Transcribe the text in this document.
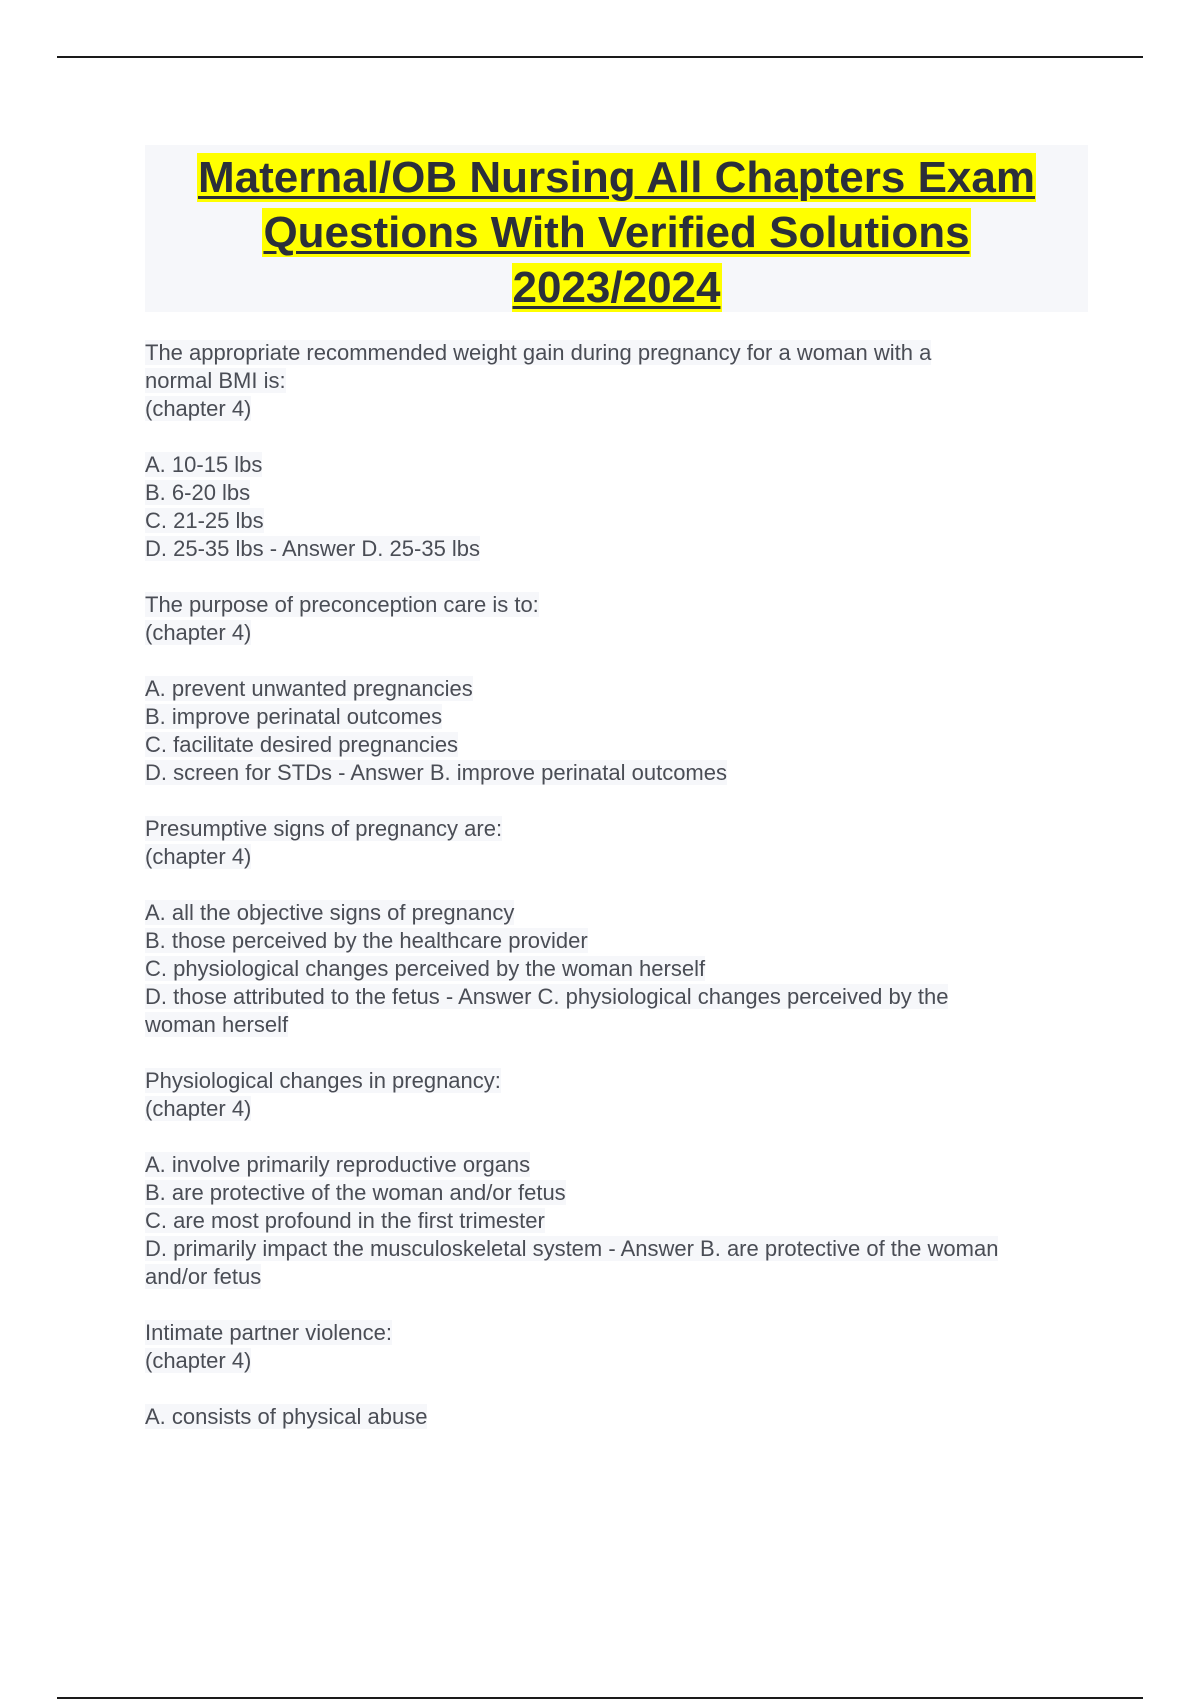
Maternal/OB Nursing All Chapters Exam
Questions With Verified Solutions
2023/2024
The appropriate recommended weight gain during pregnancy for a woman with a
normal BMI is:
(chapter 4)
A. 10-15 lbs
B. 6-20 lbs
C. 21-25 lbs
D. 25-35 lbs - Answer D. 25-35 lbs
The purpose of preconception care is to:
(chapter 4)
A. prevent unwanted pregnancies
B. improve perinatal outcomes
C. facilitate desired pregnancies
D. screen for STDs - Answer B. improve perinatal outcomes
Presumptive signs of pregnancy are:
(chapter 4)
A. all the objective signs of pregnancy
B. those perceived by the healthcare provider
C. physiological changes perceived by the woman herself
D. those attributed to the fetus - Answer C. physiological changes perceived by the
woman herself
Physiological changes in pregnancy:
(chapter 4)
A. involve primarily reproductive organs
B. are protective of the woman and/or fetus
C. are most profound in the first trimester
D. primarily impact the musculoskeletal system - Answer B. are protective of the woman
and/or fetus
Intimate partner violence:
(chapter 4)
A. consists of physical abuse
